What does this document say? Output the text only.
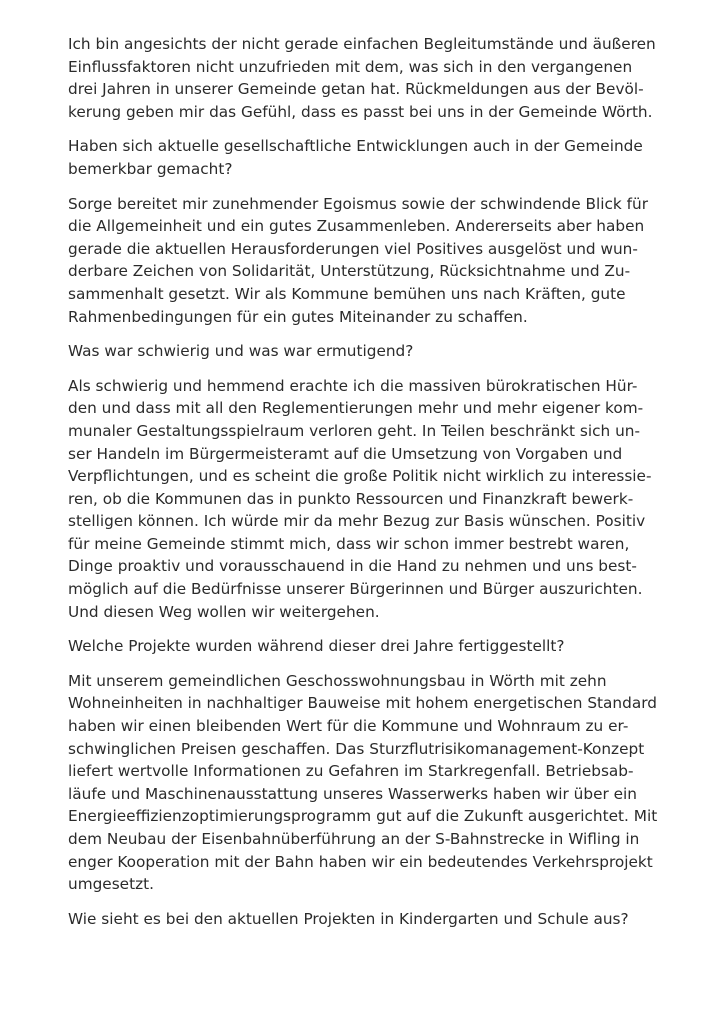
Ich bin angesichts der nicht gerade einfachen Begleitumstände und äußeren
Einflussfaktoren nicht unzufrieden mit dem, was sich in den vergangenen
drei Jahren in unserer Gemeinde getan hat. Rückmeldungen aus der Bevöl-
kerung geben mir das Gefühl, dass es passt bei uns in der Gemeinde Wörth.

Haben sich aktuelle gesellschaftliche Entwicklungen auch in der Gemeinde
bemerkbar gemacht?

Sorge bereitet mir zunehmender Egoismus sowie der schwindende Blick für
die Allgemeinheit und ein gutes Zusammenleben. Andererseits aber haben
gerade die aktuellen Herausforderungen viel Positives ausgelöst und wun-
derbare Zeichen von Solidarität, Unterstützung, Rücksichtnahme und Zu-
sammenhalt gesetzt. Wir als Kommune bemühen uns nach Kräften, gute
Rahmenbedingungen für ein gutes Miteinander zu schaffen.

Was war schwierig und was war ermutigend?

Als schwierig und hemmend erachte ich die massiven bürokratischen Hür-
den und dass mit all den Reglementierungen mehr und mehr eigener kom-
munaler Gestaltungsspielraum verloren geht. In Teilen beschränkt sich un-
ser Handeln im Bürgermeisteramt auf die Umsetzung von Vorgaben und
Verpflichtungen, und es scheint die große Politik nicht wirklich zu interessie-
ren, ob die Kommunen das in punkto Ressourcen und Finanzkraft bewerk-
stelligen können. Ich würde mir da mehr Bezug zur Basis wünschen. Positiv
für meine Gemeinde stimmt mich, dass wir schon immer bestrebt waren,
Dinge proaktiv und vorausschauend in die Hand zu nehmen und uns best-
möglich auf die Bedürfnisse unserer Bürgerinnen und Bürger auszurichten.
Und diesen Weg wollen wir weitergehen.

Welche Projekte wurden während dieser drei Jahre fertiggestellt?

Mit unserem gemeindlichen Geschosswohnungsbau in Wörth mit zehn
Wohneinheiten in nachhaltiger Bauweise mit hohem energetischen Standard
haben wir einen bleibenden Wert für die Kommune und Wohnraum zu er-
schwinglichen Preisen geschaffen. Das Sturzflutrisikomanagement-Konzept
liefert wertvolle Informationen zu Gefahren im Starkregenfall. Betriebsab-
läufe und Maschinenausstattung unseres Wasserwerks haben wir über ein
Energieeffizienzoptimierungsprogramm gut auf die Zukunft ausgerichtet. Mit
dem Neubau der Eisenbahnüberführung an der S-Bahnstrecke in Wifling in
enger Kooperation mit der Bahn haben wir ein bedeutendes Verkehrsprojekt
umgesetzt.

Wie sieht es bei den aktuellen Projekten in Kindergarten und Schule aus?
